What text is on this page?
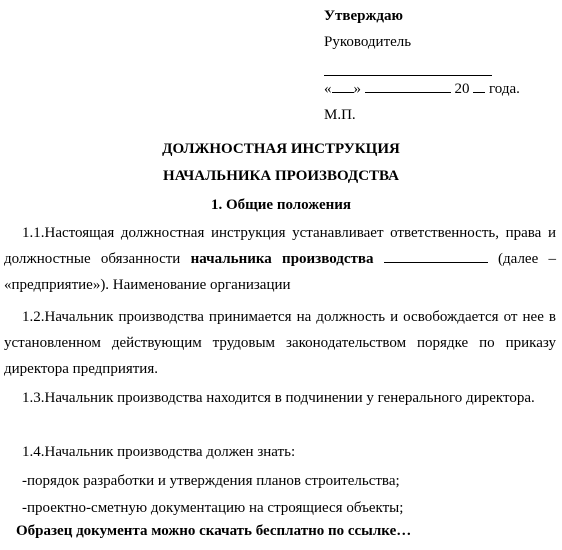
Утверждаю
Руководитель
« »	20 года.
М.П.
ДОЛЖНОСТНАЯ ИНСТРУКЦИЯ
НАЧАЛЬНИКА ПРОИЗВОДСТВА
1. Общие положения
1.1.Настоящая должностная инструкция устанавливает ответственность, права и должностные обязанности начальника производства	(далее – «предприятие»). Наименование организации
1.2.Начальник производства принимается на должность и освобождается от нее в установленном действующим трудовым законодательством порядке по приказу директора предприятия.
1.3.Начальник производства находится в подчинении у генерального директора.
1.4.Начальник производства должен знать:
-порядок разработки и утверждения планов строительства;
-проектно-сметную документацию на строящиеся объекты;
Образец документа можно скачать бесплатно по ссылке…
